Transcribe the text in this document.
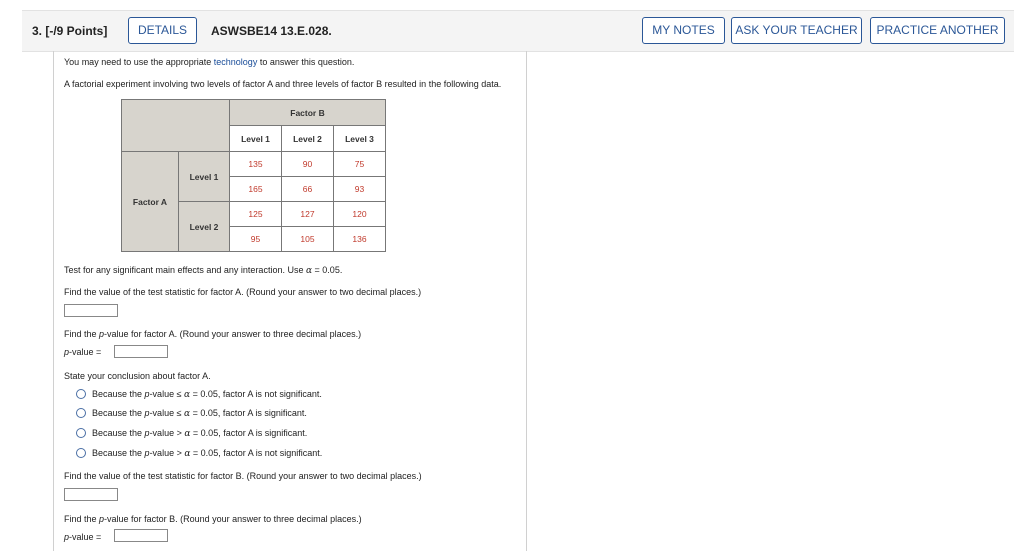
3. [-/9 Points]	DETAILS	ASWSBE14 13.E.028.	MY NOTES	ASK YOUR TEACHER	PRACTICE ANOTHER
You may need to use the appropriate technology to answer this question.
A factorial experiment involving two levels of factor A and three levels of factor B resulted in the following data.
		Factor B		
		Level 1	Level 2	Level 3
Factor A	Level 1	135	90	75
		165	66	93
	Level 2	125	127	120
		95	105	136
Test for any significant main effects and any interaction. Use α = 0.05.
Find the value of the test statistic for factor A. (Round your answer to two decimal places.)
Find the p-value for factor A. (Round your answer to three decimal places.)
p-value =
State your conclusion about factor A.
Because the p-value ≤ α = 0.05, factor A is not significant.
Because the p-value ≤ α = 0.05, factor A is significant.
Because the p-value > α = 0.05, factor A is significant.
Because the p-value > α = 0.05, factor A is not significant.
Find the value of the test statistic for factor B. (Round your answer to two decimal places.)
Find the p-value for factor B. (Round your answer to three decimal places.)
p-value =
